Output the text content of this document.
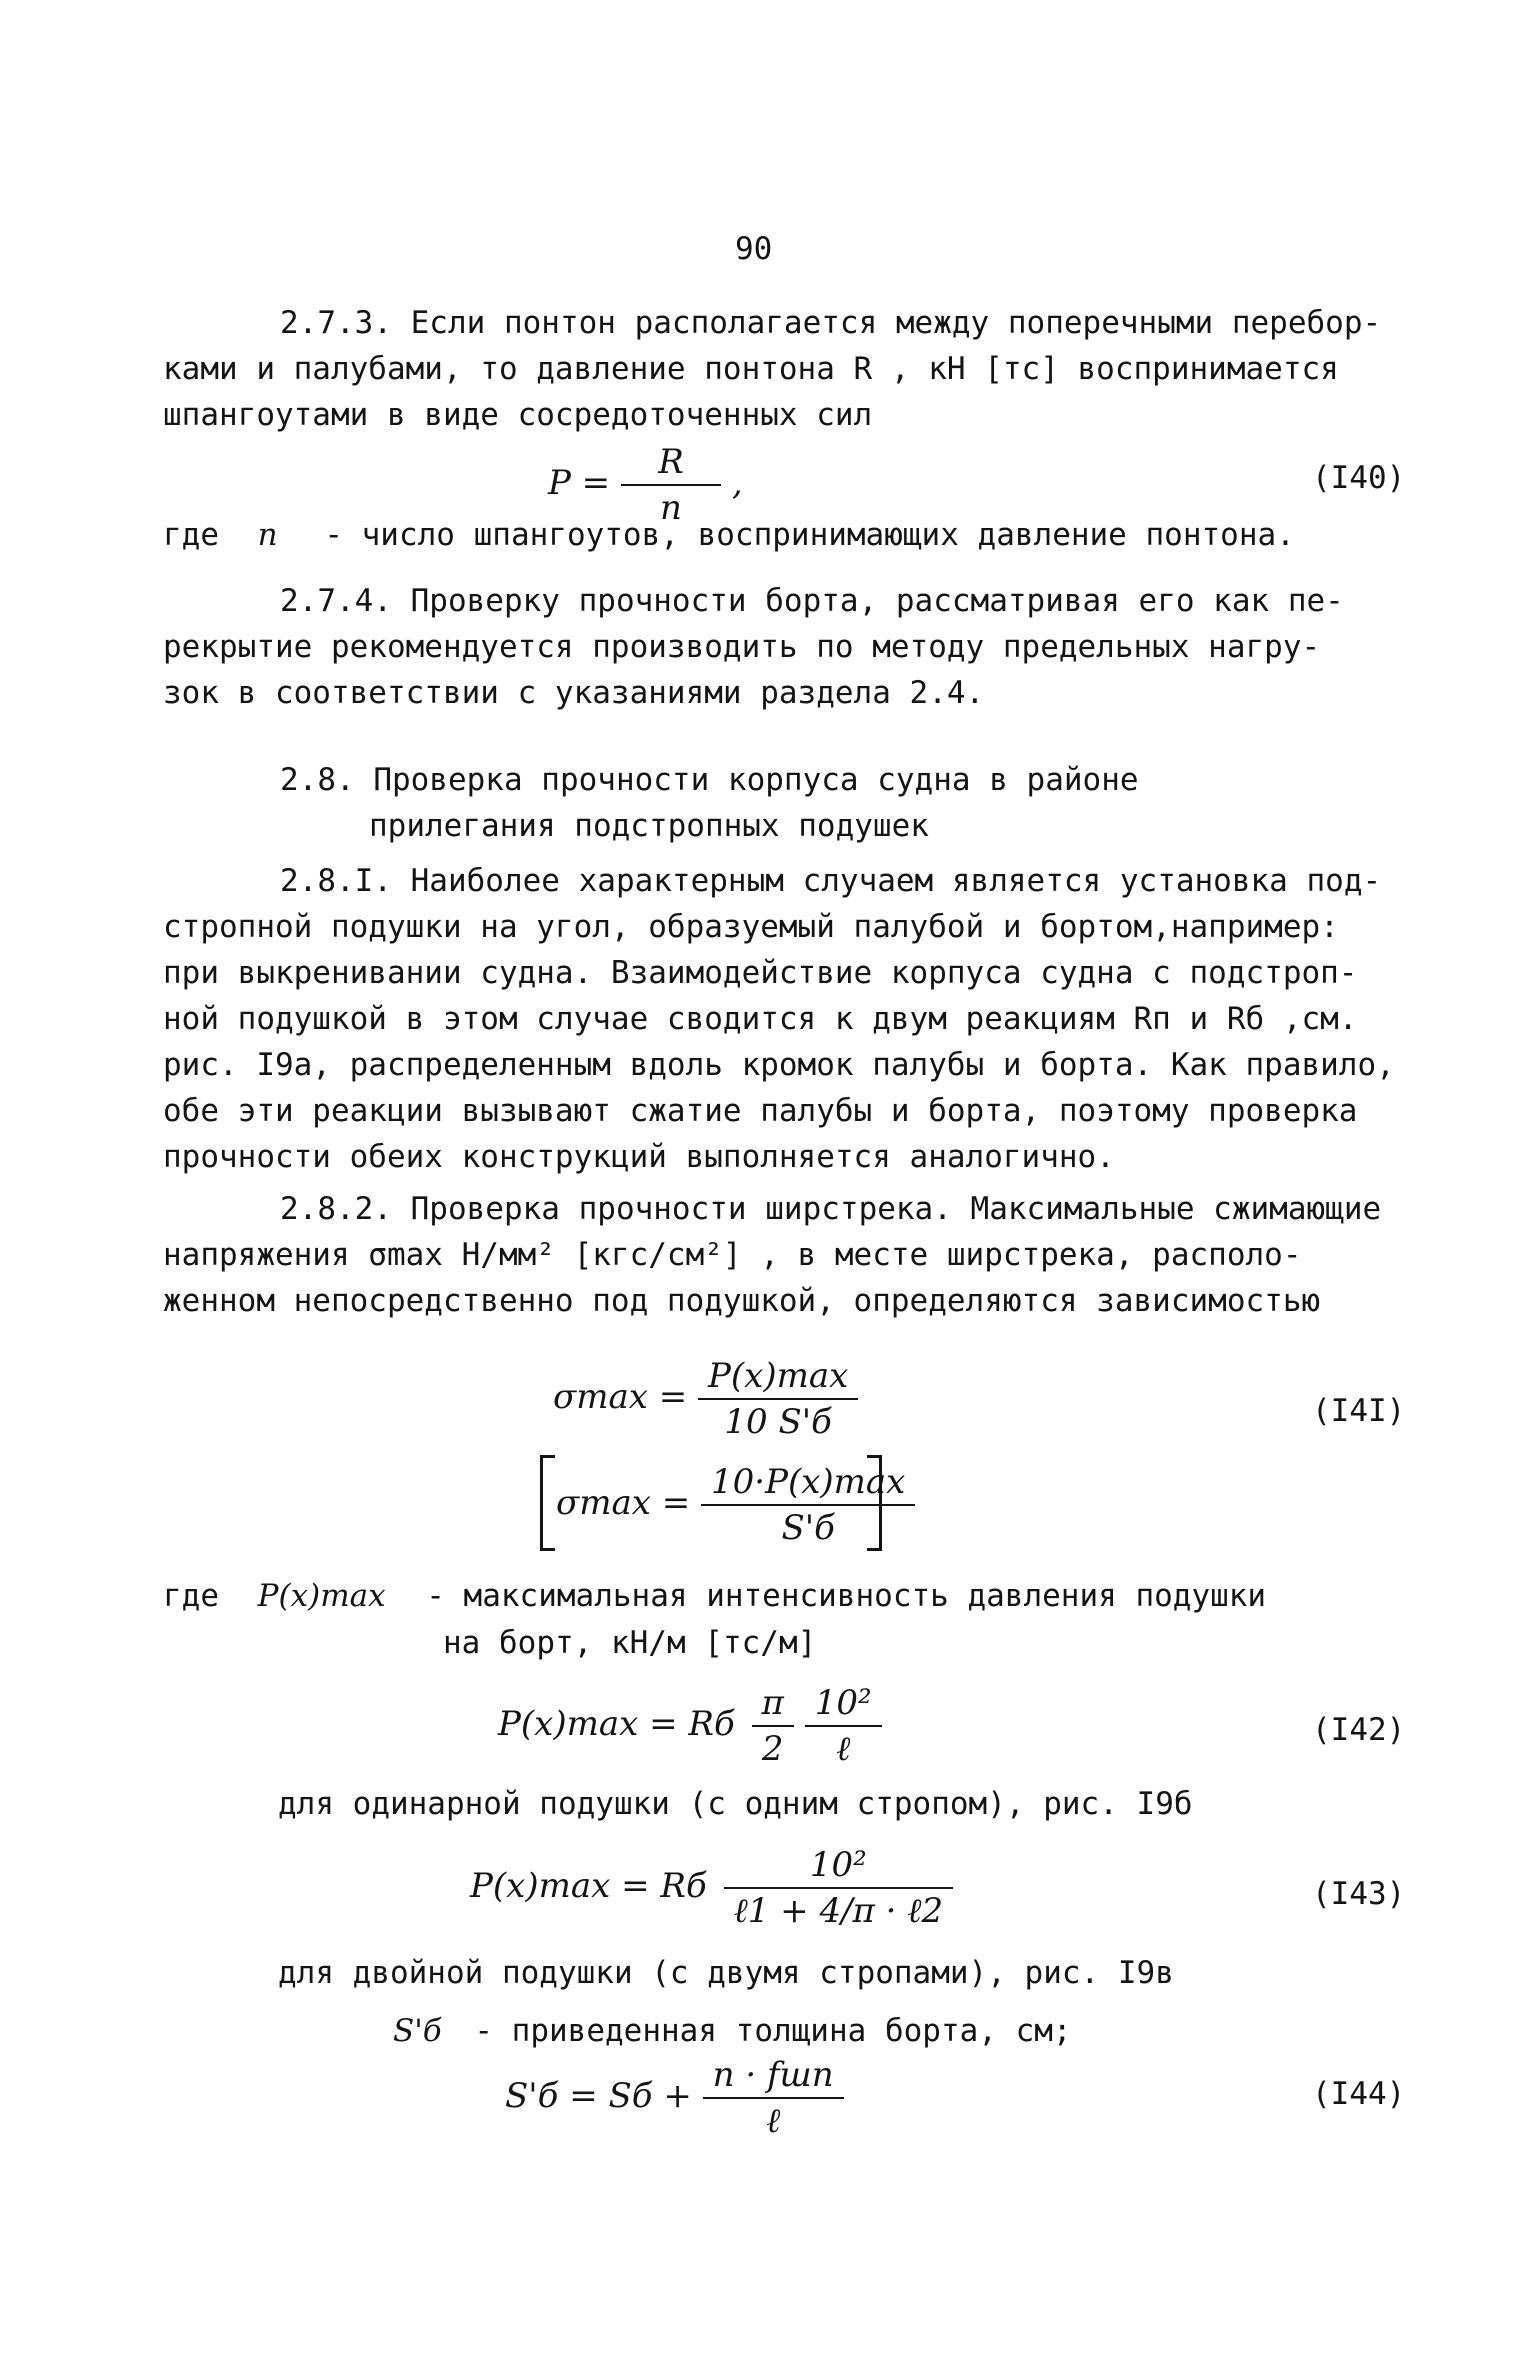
90
2.7.3. Если понтон располагается между поперечными перебор-
ками и палубами, то давление понтона R , кН [тс] воспринимается
шпангоутами в виде сосредоточенных сил
$P = \frac{R}{n}$ ,	(I40)
где n - число шпангоутов, воспринимающих давление понтона.
2.7.4. Проверку прочности борта, рассматривая его как пе-
рекрытие рекомендуется производить по методу предельных нагру-
зок в соответствии с указаниями раздела 2.4.
2.8. Проверка прочности корпуса судна в районе
прилегания подстропных подушек
2.8.I. Наиболее характерным случаем является установка под-
стропной подушки на угол, образуемый палубой и бортом,например:
при выкренивании судна. Взаимодействие корпуса судна с подстроп-
ной подушкой в этом случае сводится к двум реакциям Rп и Rб ,см.
рис. I9а, распределенным вдоль кромок палубы и борта. Как правило,
обе эти реакции вызывают сжатие палубы и борта, поэтому проверка
прочности обеих конструкций выполняется аналогично.
2.8.2. Проверка прочности ширстрека. Максимальные сжимающие
напряжения σmax Н/мм² [кгс/см²] , в месте ширстрека, располо-
женном непосредственно под подушкой, определяются зависимостью
$\sigma\max = \frac{P(x)\max}{10 S'б}$	(I4I)
$\sigma\max = \frac{10\cdot P(x)\max}{S'б}$
где P(x)max - максимальная интенсивность давления подушки
на борт, кН/м [тс/м]
P(x)max = Rб $\frac{\pi}{2}$
$\frac{\text{10²}}{\text{ℓ}}$	(I42)
для одинарной подушки (с одним стропом), рис. I9б
P(x)max = Rб $\frac{\text{10²}}{\text{ℓ1 + 4/π · ℓ2}}$	(I43)
для двойной подушки (с двумя стропами), рис. I9в
S'б - приведенная толщина борта, см;
S'б = Sб + $\frac{\text{n · fшп}}{\text{ℓ}}$	(I44)
